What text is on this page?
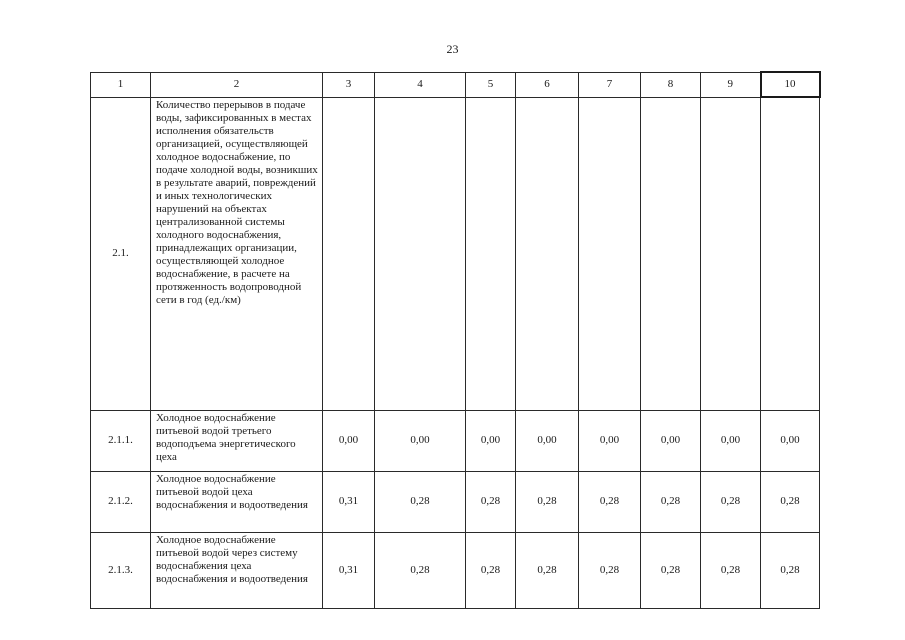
23
1	2	3	4	5	6	7	8	9	10
2.1.	Количество перерывов в подаче воды, зафиксированных в местах исполнения обязательств организацией, осуществляющей холодное водоснабжение, по подаче холодной воды, возникших в результате аварий, повреждений и иных технологических нарушений на объектах централизованной системы холодного водоснабжения, принадлежащих организации, осуществляющей холодное водоснабжение, в расчете на протяженность водопроводной сети в год (ед./км)								
2.1.1.	Холодное водоснабжение питьевой водой третьего водоподъема энергетического цеха	0,00	0,00	0,00	0,00	0,00	0,00	0,00	0,00
2.1.2.	Холодное водоснабжение питьевой водой цеха водоснабжения и водоотведения	0,31	0,28	0,28	0,28	0,28	0,28	0,28	0,28
2.1.3.	Холодное водоснабжение питьевой водой через систему водоснабжения цеха водоснабжения и водоотведения	0,31	0,28	0,28	0,28	0,28	0,28	0,28	0,28
